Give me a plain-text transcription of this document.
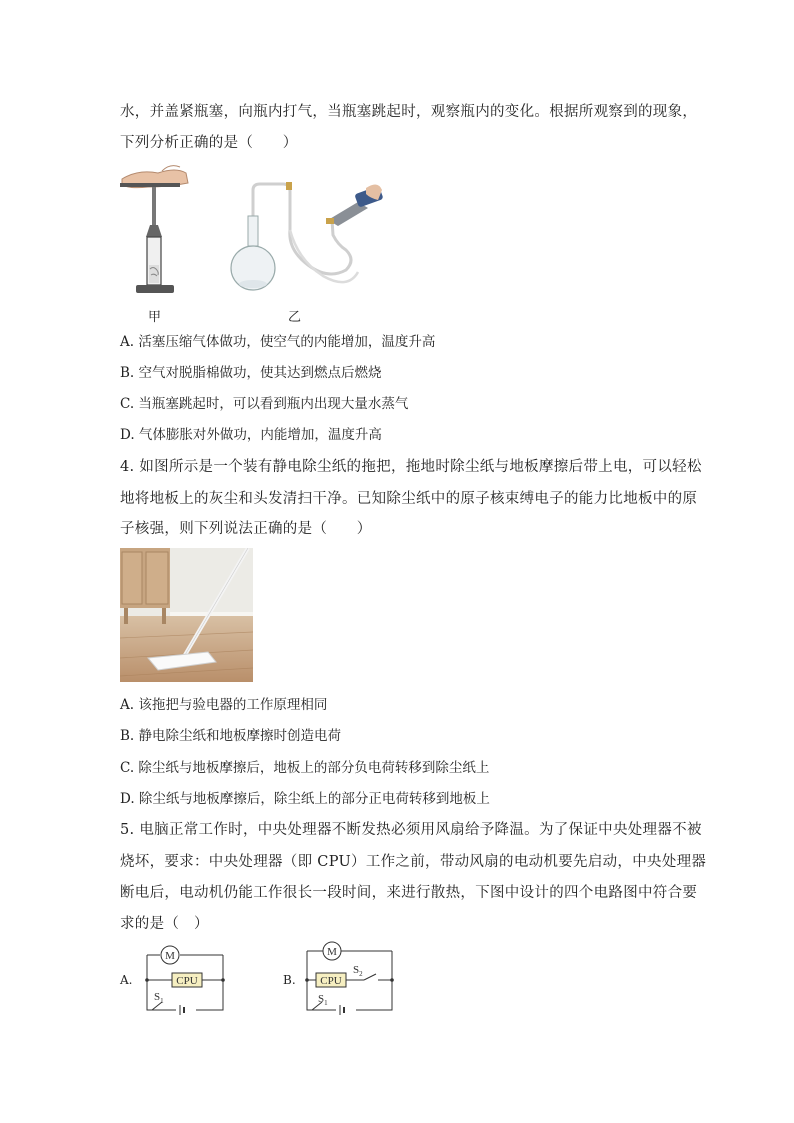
水，并盖紧瓶塞，向瓶内打气，当瓶塞跳起时，观察瓶内的变化。根据所观察到的现象，
下列分析正确的是（　　）
甲	乙
A. 活塞压缩气体做功，使空气的内能增加，温度升高
B. 空气对脱脂棉做功，使其达到燃点后燃烧
C. 当瓶塞跳起时，可以看到瓶内出现大量水蒸气
D. 气体膨胀对外做功，内能增加，温度升高
4. 如图所示是一个装有静电除尘纸的拖把，拖地时除尘纸与地板摩擦后带上电，可以轻松
地将地板上的灰尘和头发清扫干净。已知除尘纸中的原子核束缚电子的能力比地板中的原
子核强，则下列说法正确的是（　　）
A. 该拖把与验电器的工作原理相同
B. 静电除尘纸和地板摩擦时创造电荷
C. 除尘纸与地板摩擦后，地板上的部分负电荷转移到除尘纸上
D. 除尘纸与地板摩擦后，除尘纸上的部分正电荷转移到地板上
5. 电脑正常工作时，中央处理器不断发热必须用风扇给予降温。为了保证中央处理器不被
烧坏，要求：中央处理器（即 CPU）工作之前，带动风扇的电动机要先启动，中央处理器
断电后，电动机仍能工作很长一段时间，来进行散热，下图中设计的四个电路图中符合要
求的是（　）
A.
M
CPU
$S_1$
B.
M
CPU
$S_2$
$S_1$
